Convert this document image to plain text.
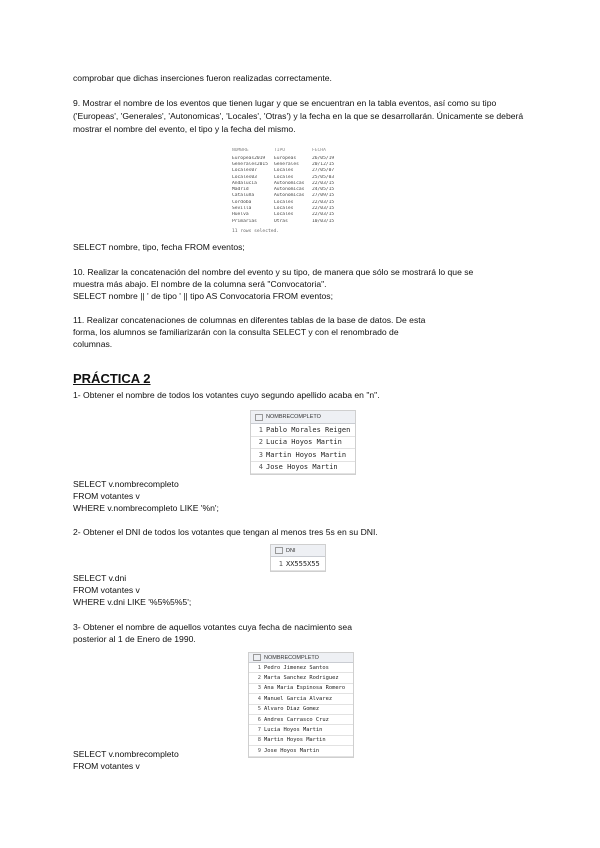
comprobar que dichas inserciones fueron realizadas correctamente.
9. Mostrar el nombre de los eventos que tienen lugar y que se encuentran en la tabla eventos, así como su tipo ('Europeas', 'Generales', 'Autonomicas', 'Locales', 'Otras') y la fecha en la que se desarrollarán. Únicamente se deberá mostrar el nombre del evento, el tipo y la fecha del mismo.
NOMBRE	TIPO	FECHA
Europeas2019	Europeas	26/05/19
Generales2015	Generales	20/12/15
Locales07	Locales	27/05/07
Locales03	Locales	25/05/03
Andalucia	Autonomicas	22/03/15
Madrid	Autonomicas	24/05/15
Cataluña	Autonomicas	27/09/15
Cordoba	Locales	22/03/15
Sevilla	Locales	22/03/15
Huelva	Locales	22/03/15
Primarias	Otras	10/03/15
11 rows selected.
SELECT nombre, tipo, fecha FROM eventos;
10. Realizar la concatenación del nombre del evento y su tipo, de manera que sólo se mostrará lo que se
muestra más abajo. El nombre de la columna será "Convocatoria".
SELECT nombre || ' de tipo ' || tipo AS Convocatoria FROM eventos;
11. Realizar concatenaciones de columnas en diferentes tablas de la base de datos. De esta
forma, los alumnos se familiarizarán con la consulta SELECT y con el renombrado de
columnas.
PRÁCTICA 2
1- Obtener el nombre de todos los votantes cuyo segundo apellido acaba en "n".
NOMBRECOMPLETO
1 Pablo Morales Reigen
2 Lucia Hoyos Martin
3 Martin Hoyos Martin
4 Jose Hoyos Martin
SELECT v.nombrecompleto
FROM votantes v
WHERE v.nombrecompleto LIKE '%n';
2- Obtener el DNI de todos los votantes que tengan al menos tres 5s en su DNI.
DNI
1 XX555X55
SELECT v.dni
FROM votantes v
WHERE v.dni LIKE '%5%5%5';
3- Obtener el nombre de aquellos votantes cuya fecha de nacimiento sea
posterior al 1 de Enero de 1990.
NOMBRECOMPLETO
1 Pedro Jimenez Santos
2 Marta Sanchez Rodriguez
3 Ana Maria Espinosa Romero
4 Manuel Garcia Alvarez
5 Alvaro Diaz Gomez
6 Andres Carrasco Cruz
7 Lucia Hoyos Martin
8 Martin Hoyos Martin
9 Jose Hoyos Martin
SELECT v.nombrecompleto
FROM votantes v
